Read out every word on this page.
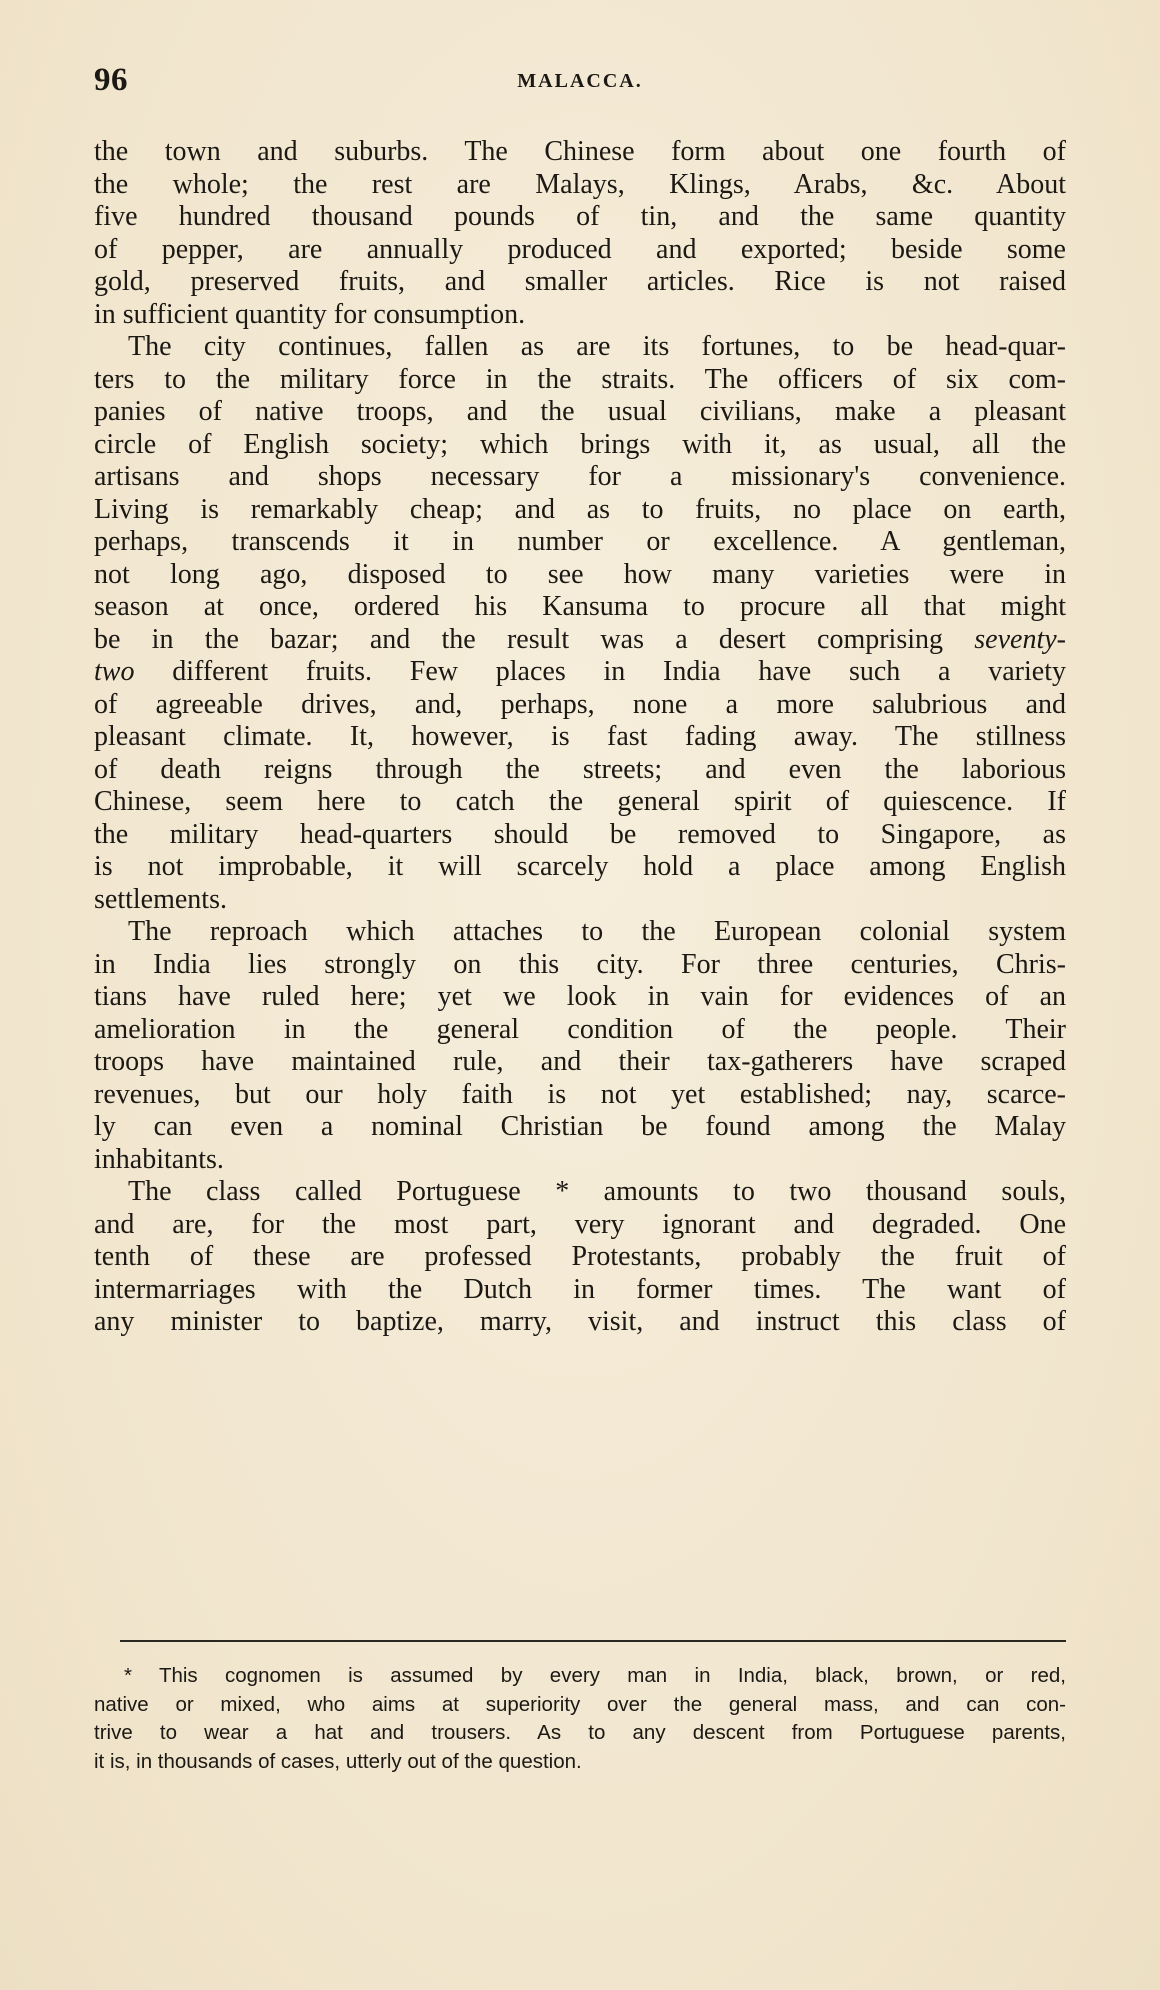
96	MALACCA.
the town and suburbs. The Chinese form about one fourth of
the whole; the rest are Malays, Klings, Arabs, &c. About
five hundred thousand pounds of tin, and the same quantity
of pepper, are annually produced and exported; beside some
gold, preserved fruits, and smaller articles. Rice is not raised
in sufficient quantity for consumption.
The city continues, fallen as are its fortunes, to be head-quar-
ters to the military force in the straits. The officers of six com-
panies of native troops, and the usual civilians, make a pleasant
circle of English society; which brings with it, as usual, all the
artisans and shops necessary for a missionary's convenience.
Living is remarkably cheap; and as to fruits, no place on earth,
perhaps, transcends it in number or excellence. A gentleman,
not long ago, disposed to see how many varieties were in
season at once, ordered his Kansuma to procure all that might
be in the bazar; and the result was a desert comprising seventy-
two different fruits. Few places in India have such a variety
of agreeable drives, and, perhaps, none a more salubrious and
pleasant climate. It, however, is fast fading away. The stillness
of death reigns through the streets; and even the laborious
Chinese, seem here to catch the general spirit of quiescence. If
the military head-quarters should be removed to Singapore, as
is not improbable, it will scarcely hold a place among English
settlements.
The reproach which attaches to the European colonial system
in India lies strongly on this city. For three centuries, Chris-
tians have ruled here; yet we look in vain for evidences of an
amelioration in the general condition of the people. Their
troops have maintained rule, and their tax-gatherers have scraped
revenues, but our holy faith is not yet established; nay, scarce-
ly can even a nominal Christian be found among the Malay
inhabitants.
The class called Portuguese * amounts to two thousand souls,
and are, for the most part, very ignorant and degraded. One
tenth of these are professed Protestants, probably the fruit of
intermarriages with the Dutch in former times. The want of
any minister to baptize, marry, visit, and instruct this class of
* This cognomen is assumed by every man in India, black, brown, or red,
native or mixed, who aims at superiority over the general mass, and can con-
trive to wear a hat and trousers. As to any descent from Portuguese parents,
it is, in thousands of cases, utterly out of the question.
